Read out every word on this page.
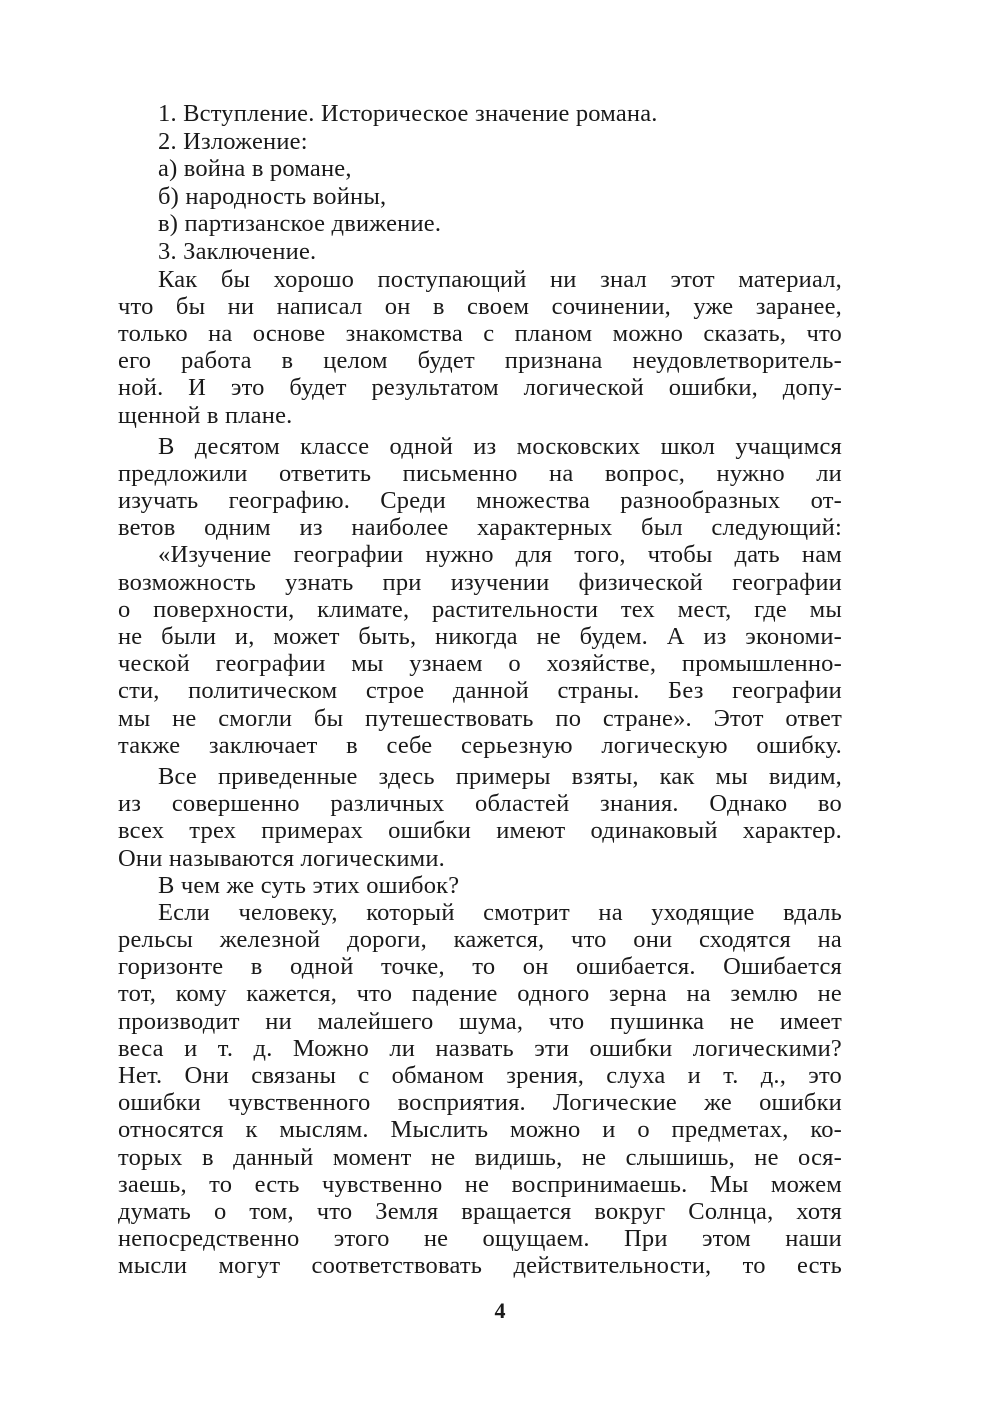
1. Вступление. Историческое значение романа.
2. Изложение:
а) война в романе,
б) народность войны,
в) партизанское движение.
3. Заключение.
Как бы хорошо поступающий ни знал этот материал,
что бы ни написал он в своем сочинении, уже заранее,
только на основе знакомства с планом можно сказать, что
его работа в целом будет признана неудовлетворитель-
ной. И это будет результатом логической ошибки, допу-
щенной в плане.
В десятом классе одной из московских школ учащимся
предложили ответить письменно на вопрос, нужно ли
изучать географию. Среди множества разнообразных от-
ветов одним из наиболее характерных был следующий:
«Изучение географии нужно для того, чтобы дать нам
возможность узнать при изучении физической географии
о поверхности, климате, растительности тех мест, где мы
не были и, может быть, никогда не будем. А из экономи-
ческой географии мы узнаем о хозяйстве, промышленно-
сти, политическом строе данной страны. Без географии
мы не смогли бы путешествовать по стране». Этот ответ
также заключает в себе серьезную логическую ошибку.
Все приведенные здесь примеры взяты, как мы видим,
из совершенно различных областей знания. Однако во
всех трех примерах ошибки имеют одинаковый характер.
Они называются логическими.
В чем же суть этих ошибок?
Если человеку, который смотрит на уходящие вдаль
рельсы железной дороги, кажется, что они сходятся на
горизонте в одной точке, то он ошибается. Ошибается
тот, кому кажется, что падение одного зерна на землю не
производит ни малейшего шума, что пушинка не имеет
веса и т. д. Можно ли назвать эти ошибки логическими?
Нет. Они связаны с обманом зрения, слуха и т. д., это
ошибки чувственного восприятия. Логические же ошибки
относятся к мыслям. Мыслить можно и о предметах, ко-
торых в данный момент не видишь, не слышишь, не ося-
заешь, то есть чувственно не воспринимаешь. Мы можем
думать о том, что Земля вращается вокруг Солнца, хотя
непосредственно этого не ощущаем. При этом наши
мысли могут соответствовать действительности, то есть
4
